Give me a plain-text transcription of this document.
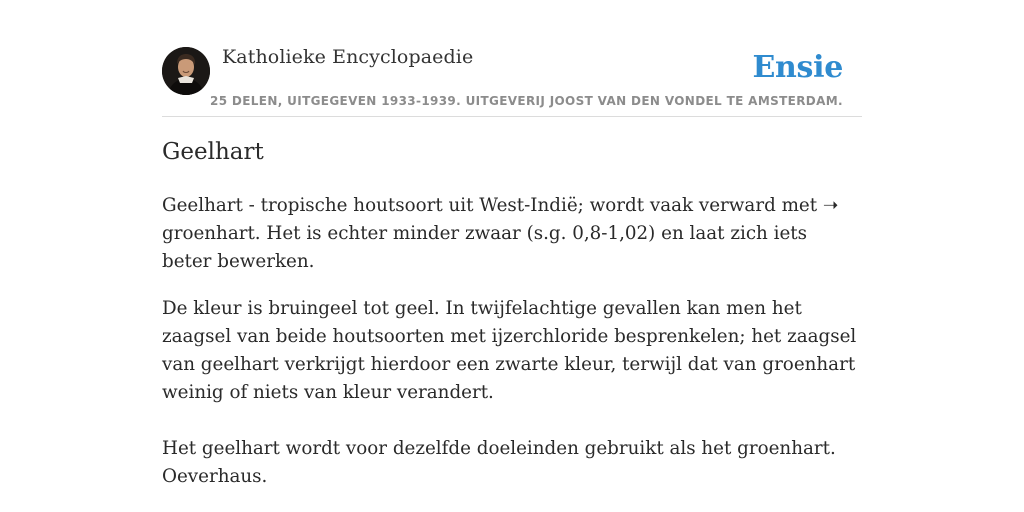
Katholieke Encyclopaedie
25 DELEN, UITGEGEVEN 1933-1939. UITGEVERIJ JOOST VAN DEN VONDEL TE AMSTERDAM.
Ensie
Geelhart

Geelhart - tropische houtsoort uit West-Indië; wordt vaak verward met ➝ groenhart. Het is echter minder zwaar (s.g. 0,8-1,02) en laat zich iets beter bewerken.

De kleur is bruingeel tot geel. In twijfelachtige gevallen kan men het zaagsel van beide houtsoorten met ijzerchloride besprenkelen; het zaagsel van geelhart verkrijgt hierdoor een zwarte kleur, terwijl dat van groenhart weinig of niets van kleur verandert.

Het geelhart wordt voor dezelfde doeleinden gebruikt als het groenhart. Oeverhaus.
